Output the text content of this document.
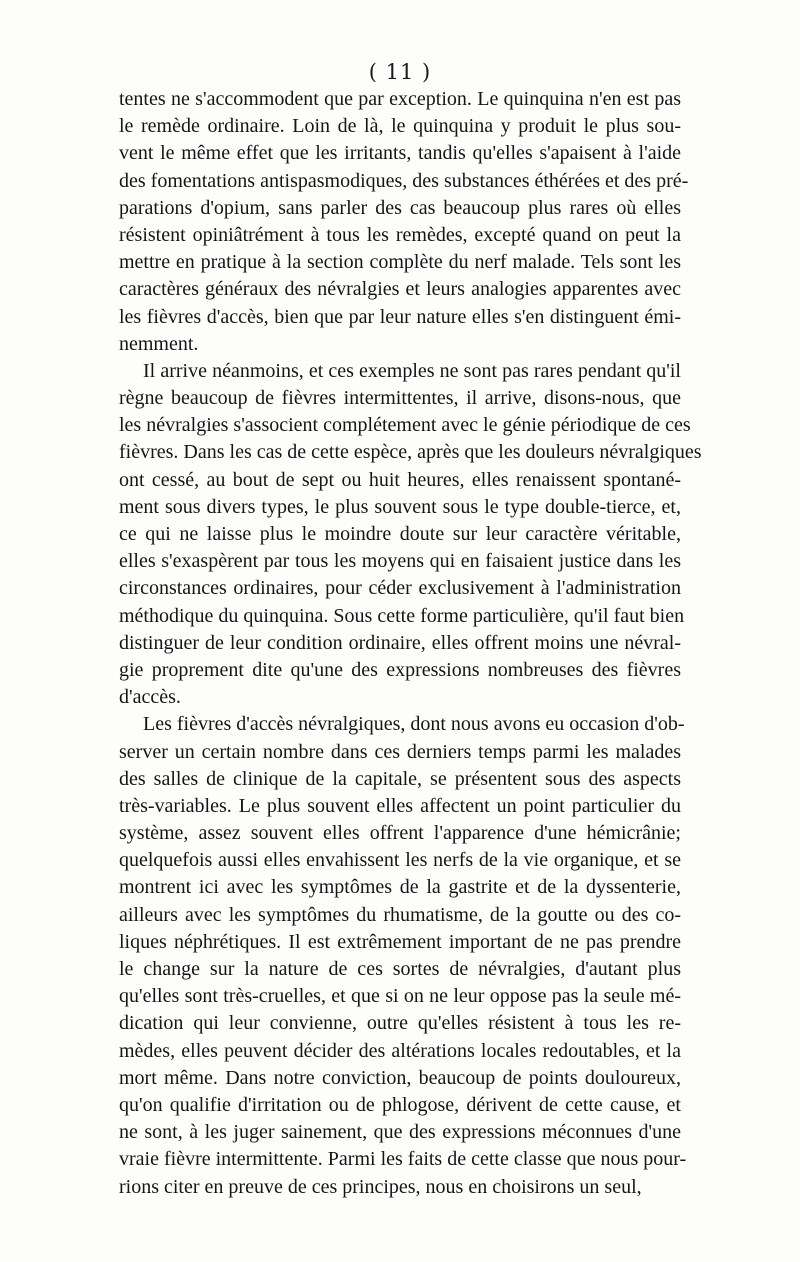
( 11 )
tentes ne s'accommodent que par exception. Le quinquina n'en est pas
le remède ordinaire. Loin de là, le quinquina y produit le plus sou-
vent le même effet que les irritants, tandis qu'elles s'apaisent à l'aide
des fomentations antispasmodiques, des substances éthérées et des pré-
parations d'opium, sans parler des cas beaucoup plus rares où elles
résistent opiniâtrément à tous les remèdes, excepté quand on peut la
mettre en pratique à la section complète du nerf malade. Tels sont les
caractères généraux des névralgies et leurs analogies apparentes avec
les fièvres d'accès, bien que par leur nature elles s'en distinguent émi-
nemment.
Il arrive néanmoins, et ces exemples ne sont pas rares pendant qu'il
règne beaucoup de fièvres intermittentes, il arrive, disons-nous, que
les névralgies s'associent complétement avec le génie périodique de ces
fièvres. Dans les cas de cette espèce, après que les douleurs névralgiques
ont cessé, au bout de sept ou huit heures, elles renaissent spontané-
ment sous divers types, le plus souvent sous le type double-tierce, et,
ce qui ne laisse plus le moindre doute sur leur caractère véritable,
elles s'exaspèrent par tous les moyens qui en faisaient justice dans les
circonstances ordinaires, pour céder exclusivement à l'administration
méthodique du quinquina. Sous cette forme particulière, qu'il faut bien
distinguer de leur condition ordinaire, elles offrent moins une névral-
gie proprement dite qu'une des expressions nombreuses des fièvres
d'accès.
Les fièvres d'accès névralgiques, dont nous avons eu occasion d'ob-
server un certain nombre dans ces derniers temps parmi les malades
des salles de clinique de la capitale, se présentent sous des aspects
très-variables. Le plus souvent elles affectent un point particulier du
système, assez souvent elles offrent l'apparence d'une hémicrânie;
quelquefois aussi elles envahissent les nerfs de la vie organique, et se
montrent ici avec les symptômes de la gastrite et de la dyssenterie,
ailleurs avec les symptômes du rhumatisme, de la goutte ou des co-
liques néphrétiques. Il est extrêmement important de ne pas prendre
le change sur la nature de ces sortes de névralgies, d'autant plus
qu'elles sont très-cruelles, et que si on ne leur oppose pas la seule mé-
dication qui leur convienne, outre qu'elles résistent à tous les re-
mèdes, elles peuvent décider des altérations locales redoutables, et la
mort même. Dans notre conviction, beaucoup de points douloureux,
qu'on qualifie d'irritation ou de phlogose, dérivent de cette cause, et
ne sont, à les juger sainement, que des expressions méconnues d'une
vraie fièvre intermittente. Parmi les faits de cette classe que nous pour-
rions citer en preuve de ces principes, nous en choisirons un seul,
